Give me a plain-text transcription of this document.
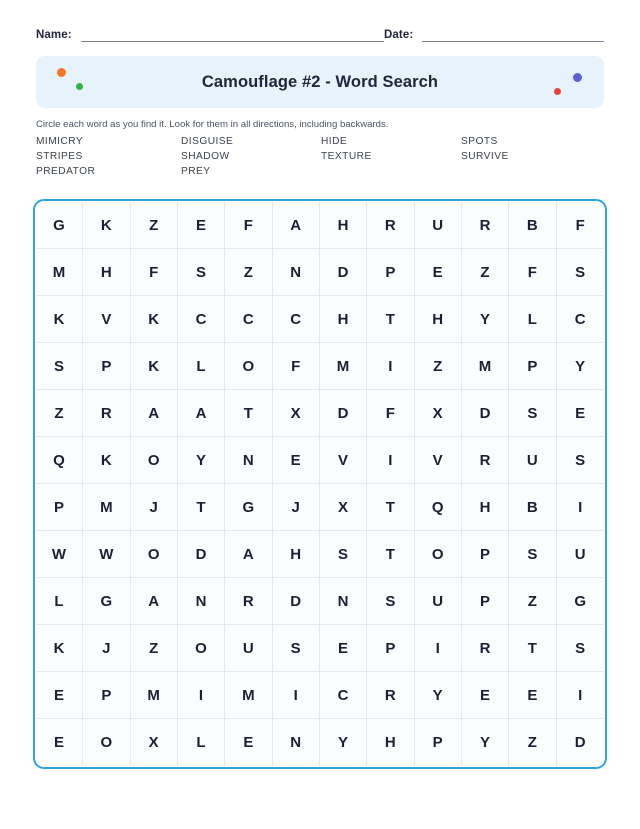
Name:	Date:
Camouflage #2 - Word Search
Circle each word as you find it. Look for them in all directions, including backwards.
MIMICRY	DISGUISE	HIDE	SPOTS
STRIPES	SHADOW	TEXTURE	SURVIVE
PREDATOR	PREY
G	K	Z	E	F	A	H	R	U	R	B	F
M	H	F	S	Z	N	D	P	E	Z	F	S
K	V	K	C	C	C	H	T	H	Y	L	C
S	P	K	L	O	F	M	I	Z	M	P	Y
Z	R	A	A	T	X	D	F	X	D	S	E
Q	K	O	Y	N	E	V	I	V	R	U	S
P	M	J	T	G	J	X	T	Q	H	B	I
W	W	O	D	A	H	S	T	O	P	S	U
L	G	A	N	R	D	N	S	U	P	Z	G
K	J	Z	O	U	S	E	P	I	R	T	S
E	P	M	I	M	I	C	R	Y	E	E	I
E	O	X	L	E	N	Y	H	P	Y	Z	D
